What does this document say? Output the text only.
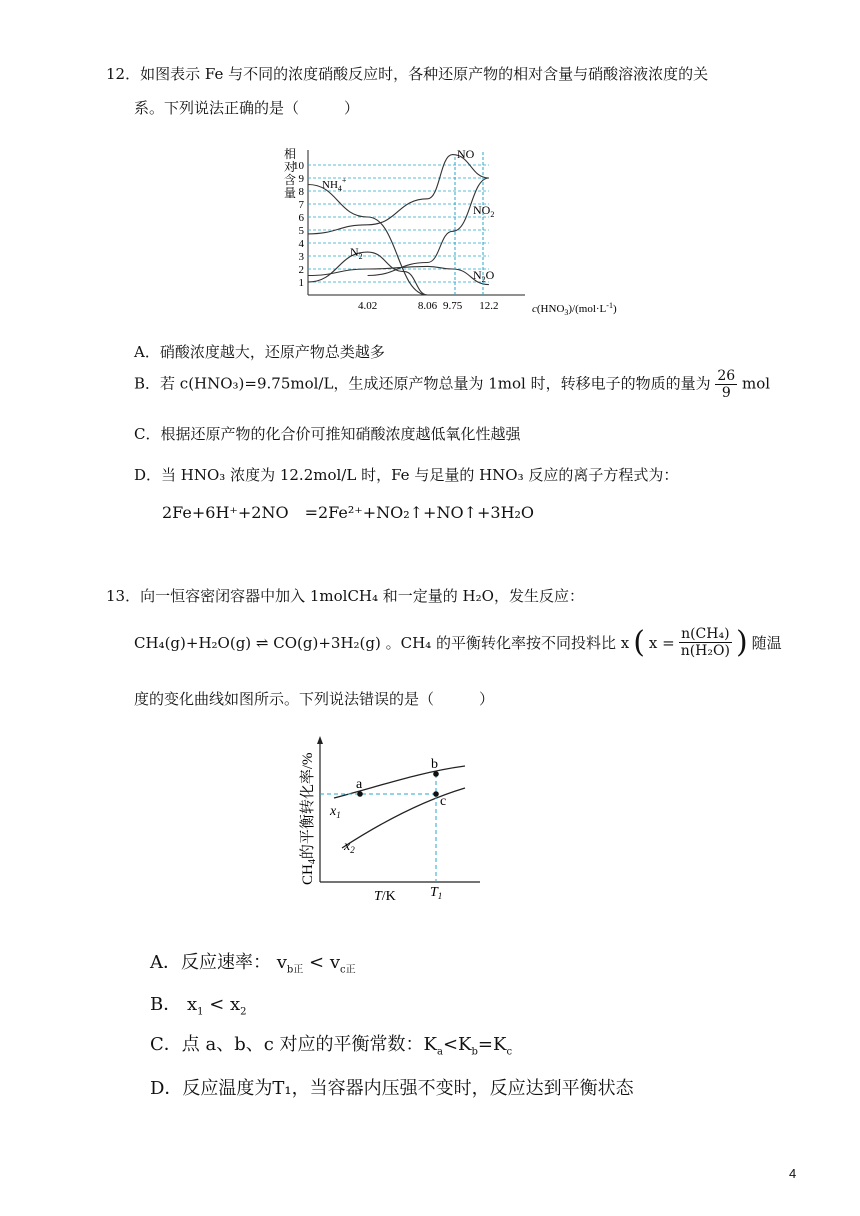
12．如图表示 Fe 与不同的浓度硝酸反应时，各种还原产物的相对含量与硝酸溶液浓度的关
系。下列说法正确的是（　　　）
相对含量
1
2
3
4
5
6
7
8
9
10
4.02	8.06 9.75 12.2
NO
$NH_4^+$
$NO_2$
$N_2$
$N_2O$
$c(HNO_3)/(mol\cdot L^{-1})$
A．硝酸浓度越大，还原产物总类越多
B．若 c(HNO₃)=9.75mol/L，生成还原产物总量为 1mol 时，转移电子的物质的量为 $\frac{26}{9}$ mol
C．根据还原产物的化合价可推知硝酸浓度越低氧化性越强
D．当 HNO₃ 浓度为 12.2mol/L 时，Fe 与足量的 HNO₃ 反应的离子方程式为：
2Fe+6H⁺+2NO　=2Fe²⁺+NO₂↑+NO↑+3H₂O
13．向一恒容密闭容器中加入 1molCH₄ 和一定量的 H₂O，发生反应：
CH₄(g)+H₂O(g) ⇌ CO(g)+3H₂(g) 。CH₄ 的平衡转化率按不同投料比 x ( $x = \frac{\text{n(CH₄)}}{\text{n(H₂O)}}$ ) 随温
度的变化曲线如图所示。下列说法错误的是（　　　）
$CH_4$的平衡转化率/%	a
b
c
$x_1$
$x_2$
T/K $T_1$
A．反应速率： $v_{b正} < v_{c正}$
B． $x_1 < x_2$
C．点 a、b、c 对应的平衡常数：$K_a<K_b=K_c$
D．反应温度为T₁，当容器内压强不变时，反应达到平衡状态
4
